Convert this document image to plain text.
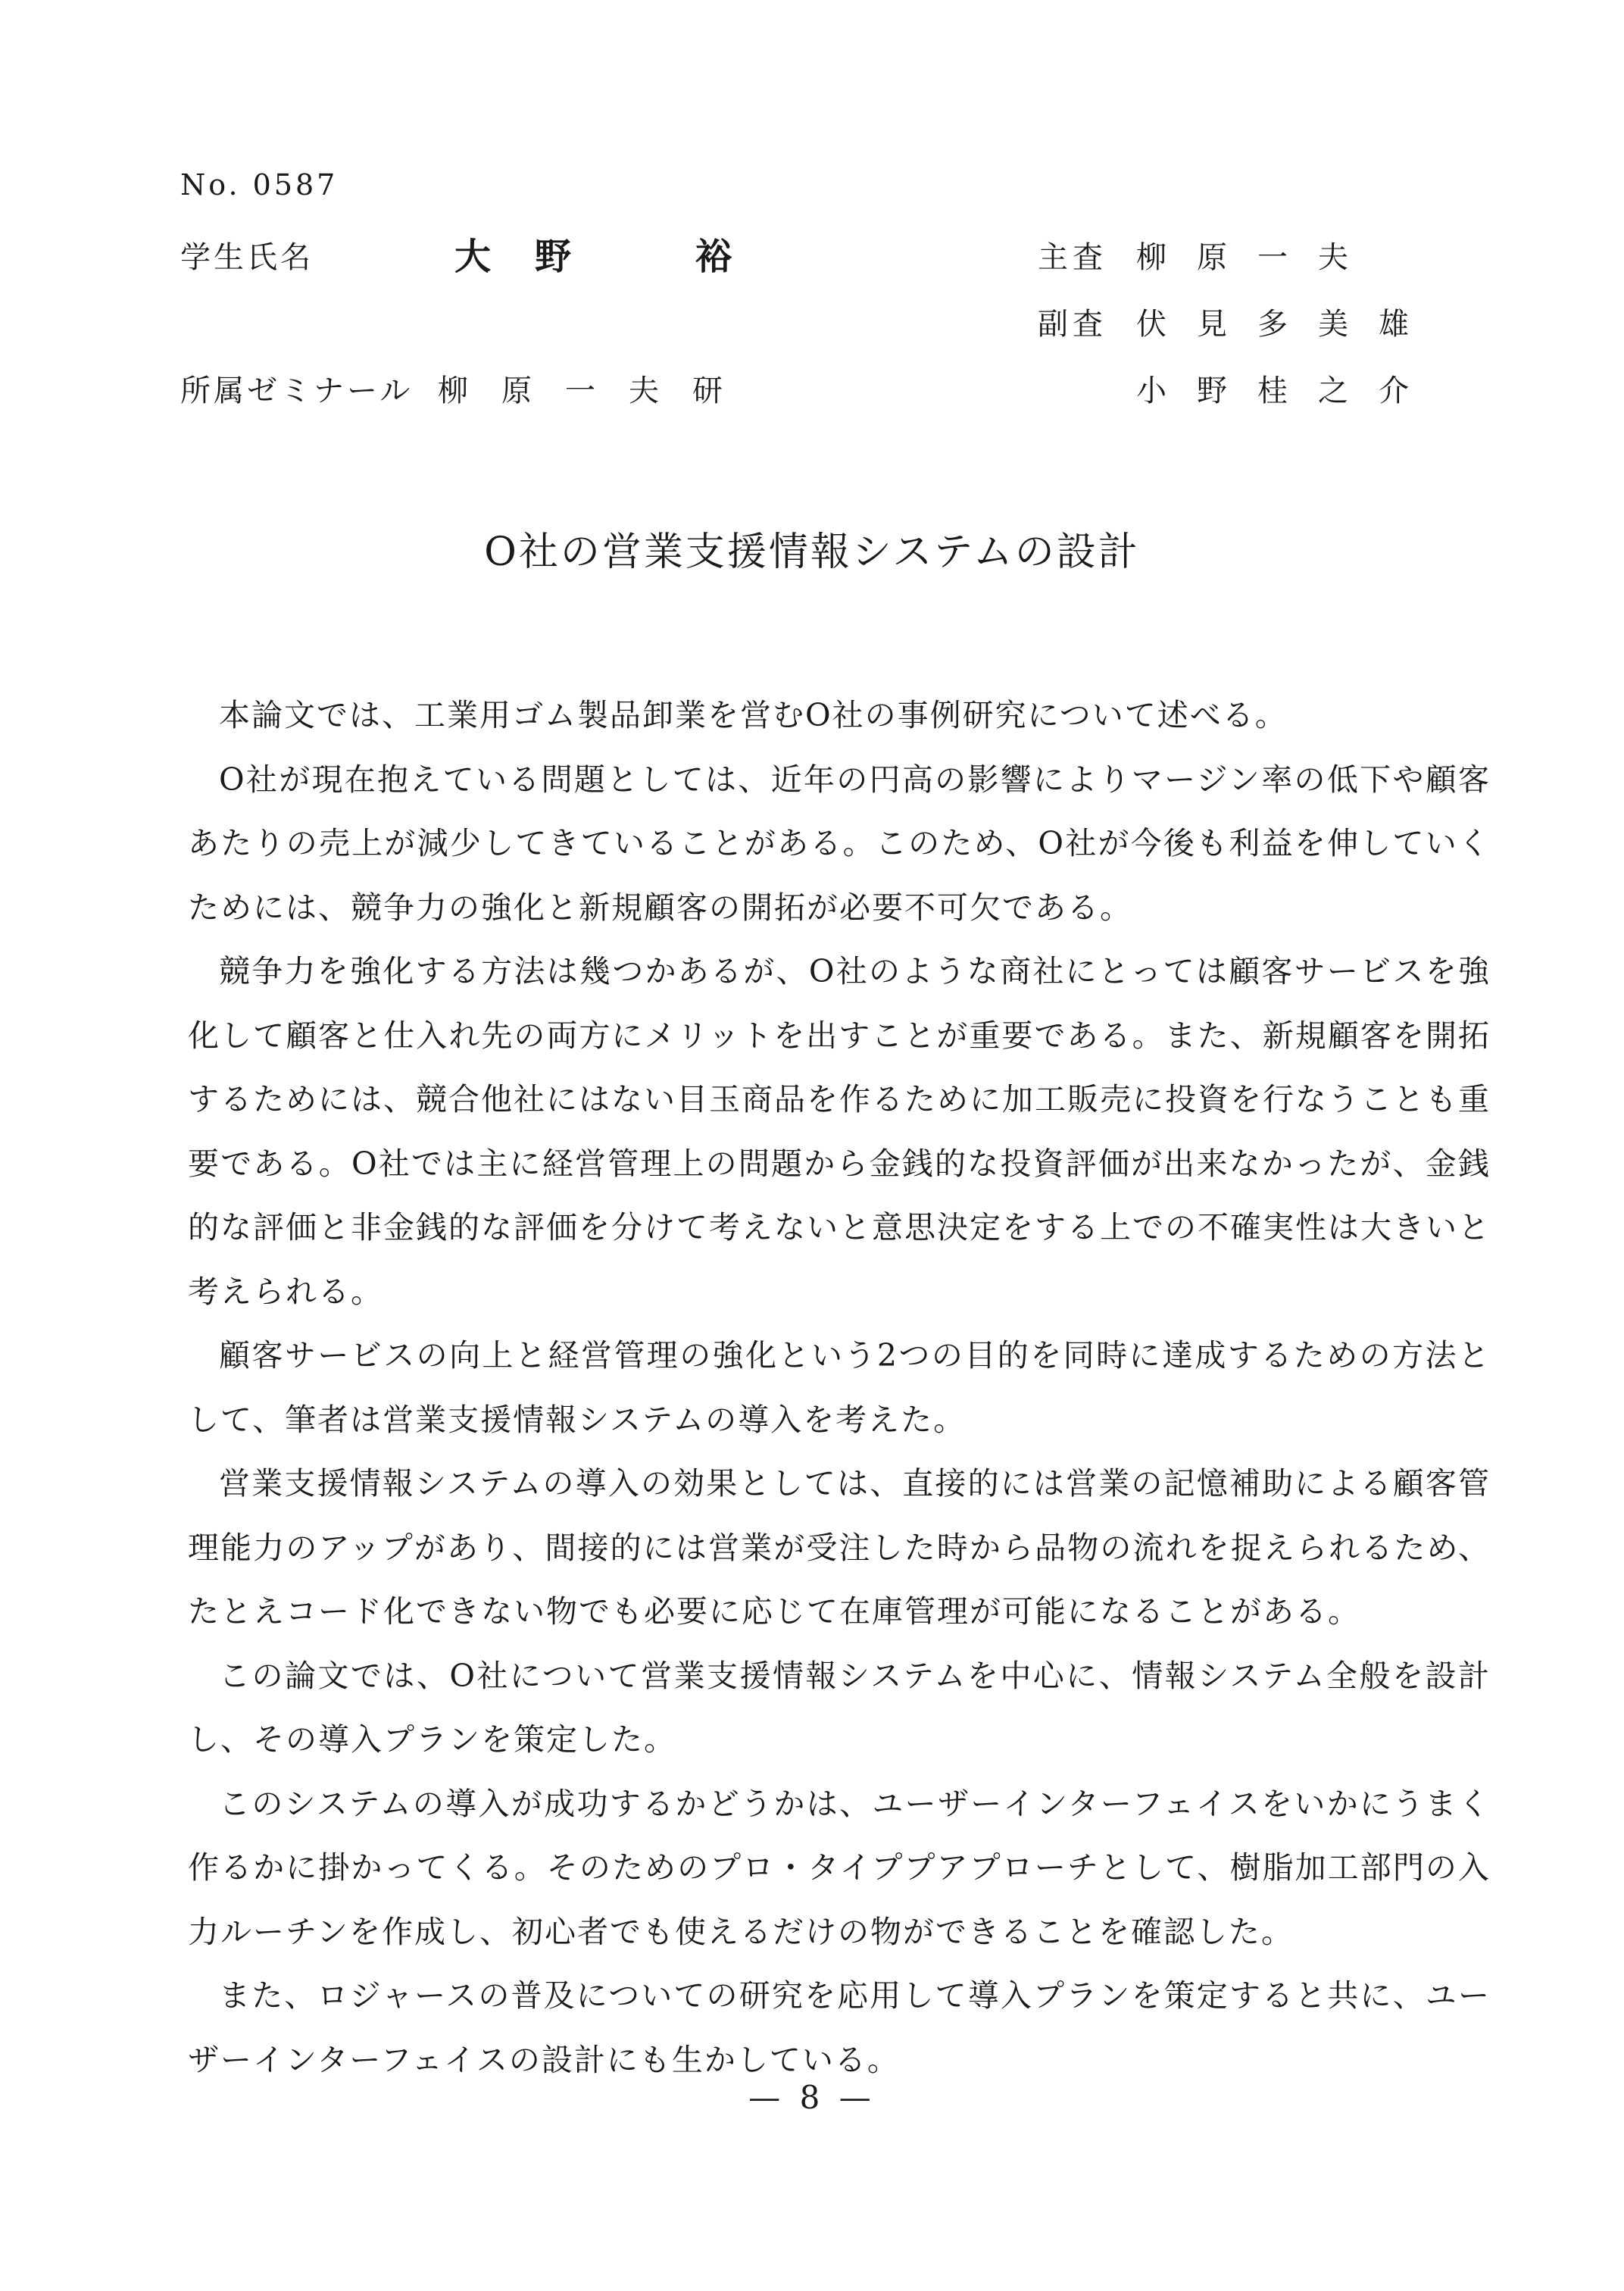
No. 0587
学生氏名	大野　裕
所属ゼミナール 柳原一夫研
主査 柳原一夫
副査 伏見多美雄
小野桂之介
O社の営業支援情報システムの設計

本論文では、工業用ゴム製品卸業を営むO社の事例研究について述べる。

O社が現在抱えている問題としては、近年の円高の影響によりマージン率の低下や顧客あたりの売上が減少してきていることがある。このため、O社が今後も利益を伸していくためには、競争力の強化と新規顧客の開拓が必要不可欠である。

競争力を強化する方法は幾つかあるが、O社のような商社にとっては顧客サービスを強化して顧客と仕入れ先の両方にメリットを出すことが重要である。また、新規顧客を開拓するためには、競合他社にはない目玉商品を作るために加工販売に投資を行なうことも重要である。O社では主に経営管理上の問題から金銭的な投資評価が出来なかったが、金銭的な評価と非金銭的な評価を分けて考えないと意思決定をする上での不確実性は大きいと考えられる。

顧客サービスの向上と経営管理の強化という2つの目的を同時に達成するための方法として、筆者は営業支援情報システムの導入を考えた。

営業支援情報システムの導入の効果としては、直接的には営業の記憶補助による顧客管理能力のアップがあり、間接的には営業が受注した時から品物の流れを捉えられるため、たとえコード化できない物でも必要に応じて在庫管理が可能になることがある。

この論文では、O社について営業支援情報システムを中心に、情報システム全般を設計し、その導入プランを策定した。

このシステムの導入が成功するかどうかは、ユーザーインターフェイスをいかにうまく作るかに掛かってくる。そのためのプロ・タイププアプローチとして、樹脂加工部門の入力ルーチンを作成し、初心者でも使えるだけの物ができることを確認した。

また、ロジャースの普及についての研究を応用して導入プランを策定すると共に、ユーザーインターフェイスの設計にも生かしている。

— 8 —
